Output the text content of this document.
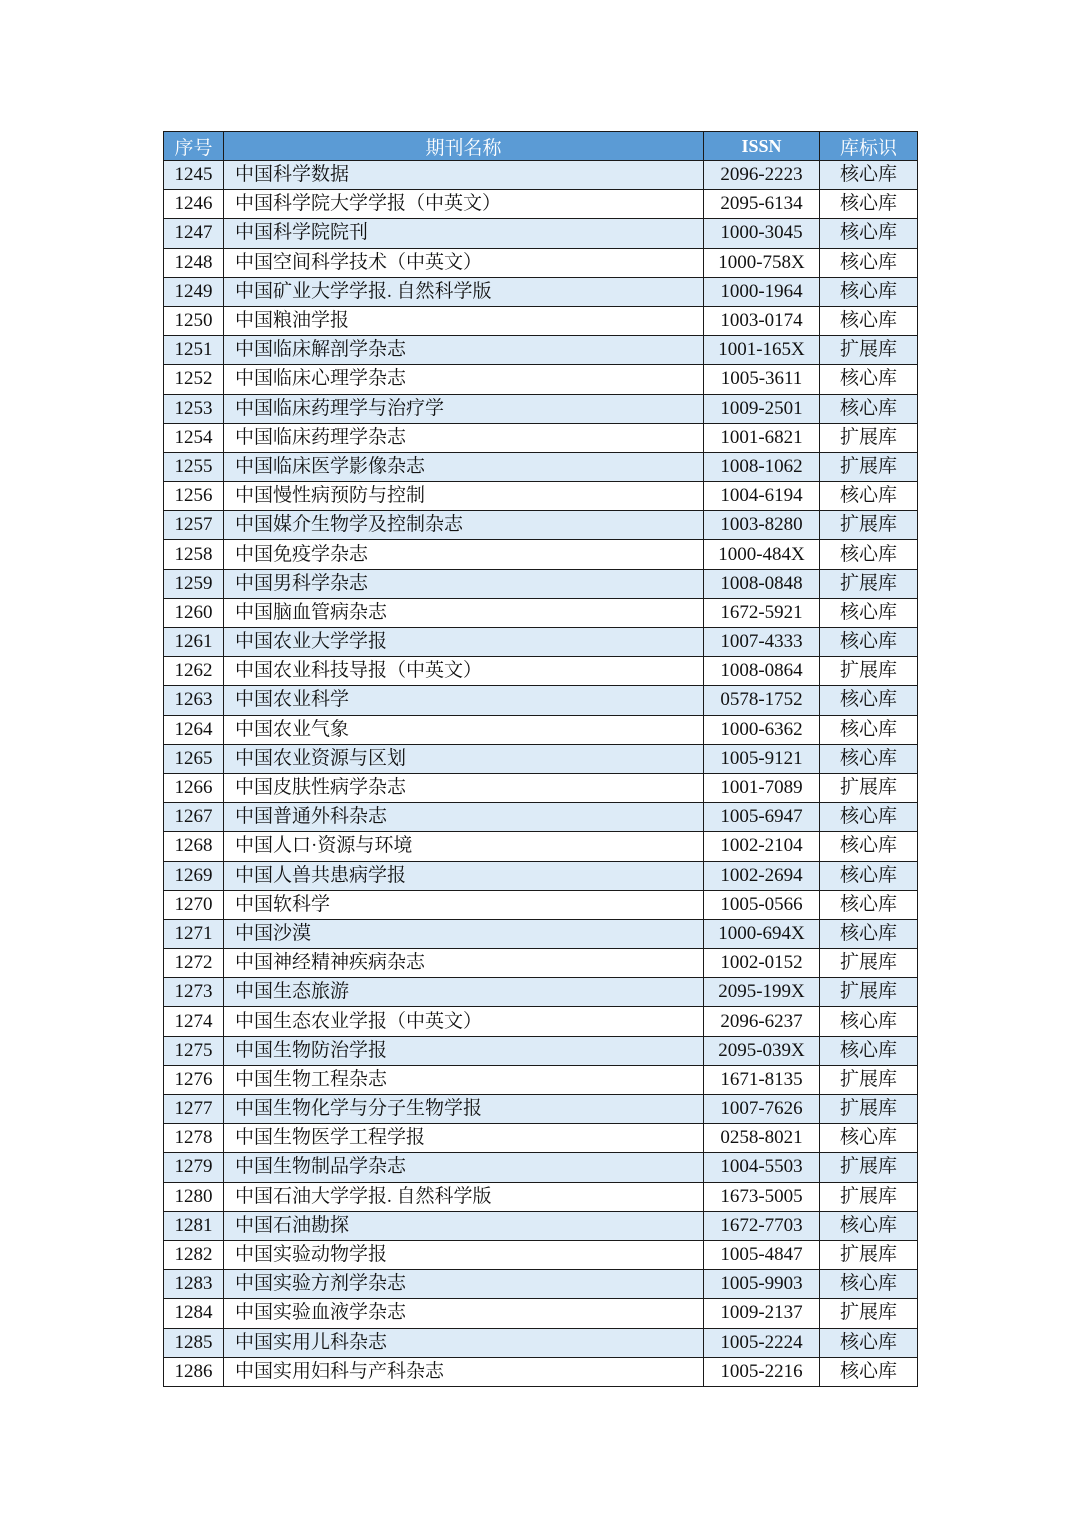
序号	期刊名称	ISSN	库标识
1245	中国科学数据	2096-2223	核心库
1246	中国科学院大学学报（中英文）	2095-6134	核心库
1247	中国科学院院刊	1000-3045	核心库
1248	中国空间科学技术（中英文）	1000-758X	核心库
1249	中国矿业大学学报. 自然科学版	1000-1964	核心库
1250	中国粮油学报	1003-0174	核心库
1251	中国临床解剖学杂志	1001-165X	扩展库
1252	中国临床心理学杂志	1005-3611	核心库
1253	中国临床药理学与治疗学	1009-2501	核心库
1254	中国临床药理学杂志	1001-6821	扩展库
1255	中国临床医学影像杂志	1008-1062	扩展库
1256	中国慢性病预防与控制	1004-6194	核心库
1257	中国媒介生物学及控制杂志	1003-8280	扩展库
1258	中国免疫学杂志	1000-484X	核心库
1259	中国男科学杂志	1008-0848	扩展库
1260	中国脑血管病杂志	1672-5921	核心库
1261	中国农业大学学报	1007-4333	核心库
1262	中国农业科技导报（中英文）	1008-0864	扩展库
1263	中国农业科学	0578-1752	核心库
1264	中国农业气象	1000-6362	核心库
1265	中国农业资源与区划	1005-9121	核心库
1266	中国皮肤性病学杂志	1001-7089	扩展库
1267	中国普通外科杂志	1005-6947	核心库
1268	中国人口·资源与环境	1002-2104	核心库
1269	中国人兽共患病学报	1002-2694	核心库
1270	中国软科学	1005-0566	核心库
1271	中国沙漠	1000-694X	核心库
1272	中国神经精神疾病杂志	1002-0152	扩展库
1273	中国生态旅游	2095-199X	扩展库
1274	中国生态农业学报（中英文）	2096-6237	核心库
1275	中国生物防治学报	2095-039X	核心库
1276	中国生物工程杂志	1671-8135	扩展库
1277	中国生物化学与分子生物学报	1007-7626	扩展库
1278	中国生物医学工程学报	0258-8021	核心库
1279	中国生物制品学杂志	1004-5503	扩展库
1280	中国石油大学学报. 自然科学版	1673-5005	扩展库
1281	中国石油勘探	1672-7703	核心库
1282	中国实验动物学报	1005-4847	扩展库
1283	中国实验方剂学杂志	1005-9903	核心库
1284	中国实验血液学杂志	1009-2137	扩展库
1285	中国实用儿科杂志	1005-2224	核心库
1286	中国实用妇科与产科杂志	1005-2216	核心库
